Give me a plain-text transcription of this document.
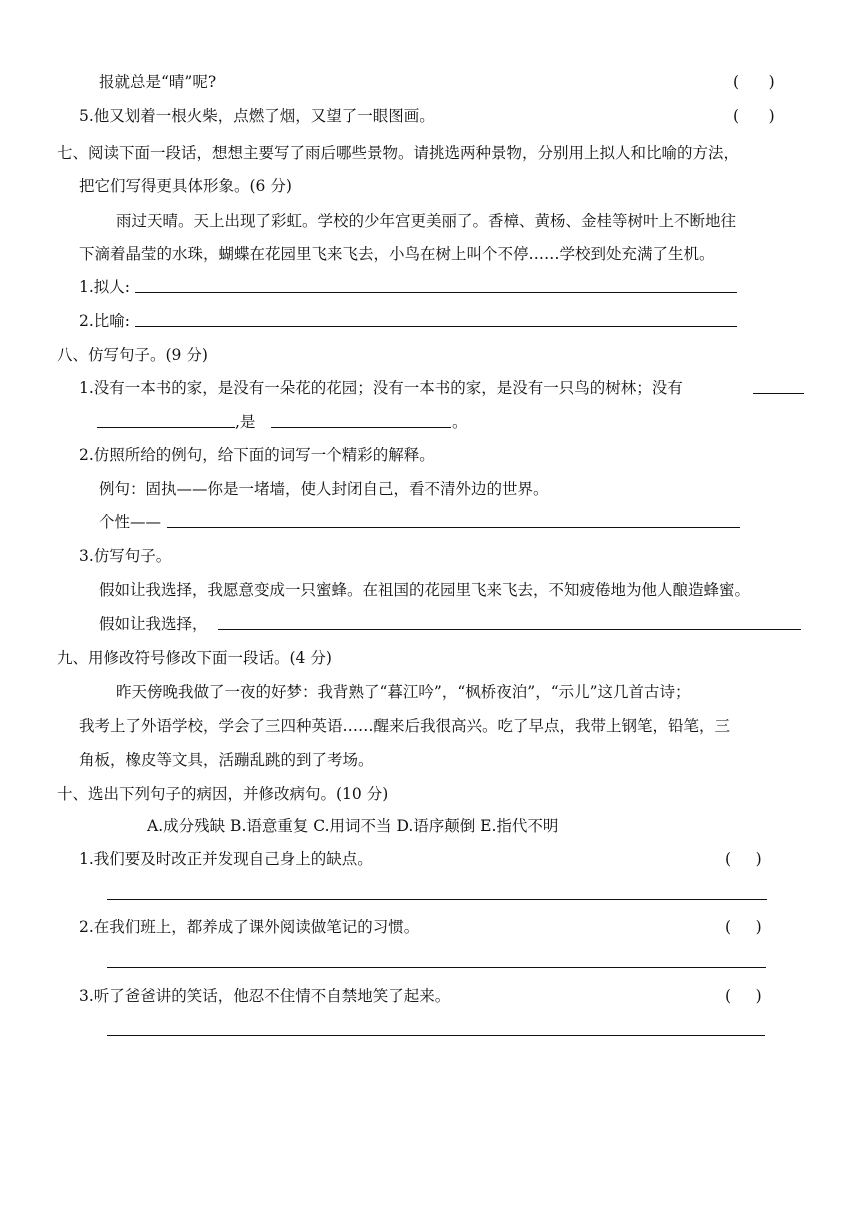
报就总是“晴”呢?	(      )
5.他又划着一根火柴，点燃了烟，又望了一眼图画。	(      )
七、阅读下面一段话，想想主要写了雨后哪些景物。请挑选两种景物，分别用上拟人和比喻的方法，
把它们写得更具体形象。(6 分)
雨过天晴。天上出现了彩虹。学校的少年宫更美丽了。香樟、黄杨、金桂等树叶上不断地往
下滴着晶莹的水珠，蝴蝶在花园里飞来飞去，小鸟在树上叫个不停……学校到处充满了生机。
1.拟人:
2.比喻:
八、仿写句子。(9 分)
1.没有一本书的家，是没有一朵花的花园；没有一本书的家，是没有一只鸟的树林；没有
,是	。
2.仿照所给的例句，给下面的词写一个精彩的解释。
例句：固执——你是一堵墙，使人封闭自己，看不清外边的世界。
个性——
3.仿写句子。
假如让我选择，我愿意变成一只蜜蜂。在祖国的花园里飞来飞去，不知疲倦地为他人酿造蜂蜜。
假如让我选择，
九、用修改符号修改下面一段话。(4 分)
昨天傍晚我做了一夜的好梦：我背熟了“暮江吟”，“枫桥夜泊”，“示儿”这几首古诗；
我考上了外语学校，学会了三四种英语……醒来后我很高兴。吃了早点，我带上钢笔，铅笔，三
角板，橡皮等文具，活蹦乱跳的到了考场。
十、选出下列句子的病因，并修改病句。(10 分)
A.成分残缺 B.语意重复 C.用词不当 D.语序颠倒 E.指代不明
1.我们要及时改正并发现自己身上的缺点。	(     )
2.在我们班上，都养成了课外阅读做笔记的习惯。	(     )
3.听了爸爸讲的笑话，他忍不住情不自禁地笑了起来。	(     )
